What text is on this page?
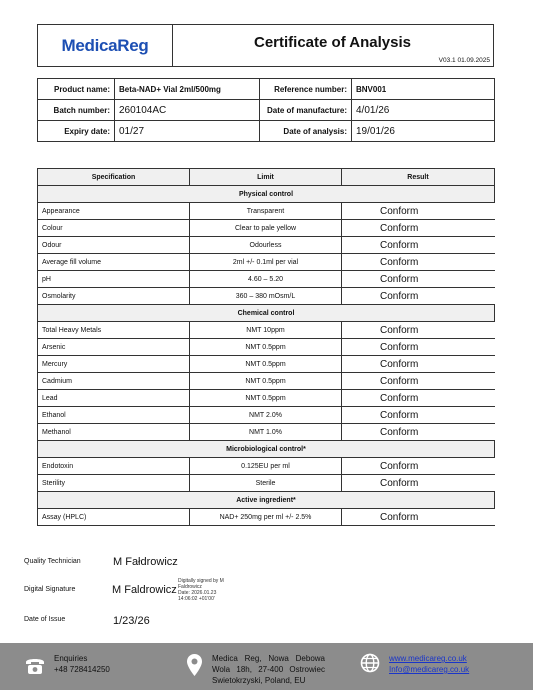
MedicaReg	Certificate of Analysis
V03.1 01.09.2025
Product name:	Beta-NAD+ Vial 2ml/500mg	Reference number:	BNV001
Batch number:	260104AC	Date of manufacture:	4/01/26
Expiry date:	01/27	Date of analysis:	19/01/26
Specification	Limit	Result
Physical control		
Appearance	Transparent	Conform
Colour	Clear to pale yellow	Conform
Odour	Odourless	Conform
Average fill volume	2ml +/- 0.1ml per vial	Conform
pH	4.60 – 5.20	Conform
Osmolarity	360 – 380 mOsm/L	Conform
Chemical control		
Total Heavy Metals	NMT 10ppm	Conform
Arsenic	NMT 0.5ppm	Conform
Mercury	NMT 0.5ppm	Conform
Cadmium	NMT 0.5ppm	Conform
Lead	NMT 0.5ppm	Conform
Ethanol	NMT 2.0%	Conform
Methanol	NMT 1.0%	Conform
Microbiological control*		
Endotoxin	0.125EU per ml	Conform
Sterility	Sterile	Conform
Active ingredient*		
Assay (HPLC)	NAD+ 250mg per ml +/- 2.5%	Conform
Quality Technician	M Fałdrowicz
Digital Signature	M Faldrowicz
Digitally signed by M
Faldrowicz
Date: 2026.01.23
14:06:02 +01'00'
Date of Issue	1/23/26
Enquiries
+48 728414250
Medica Reg, Nowa Debowa
Wola 18h, 27-400 Ostrowiec
Swietokrzyski, Poland, EU
www.medicareg.co.uk
Info@medicareg.co.uk
